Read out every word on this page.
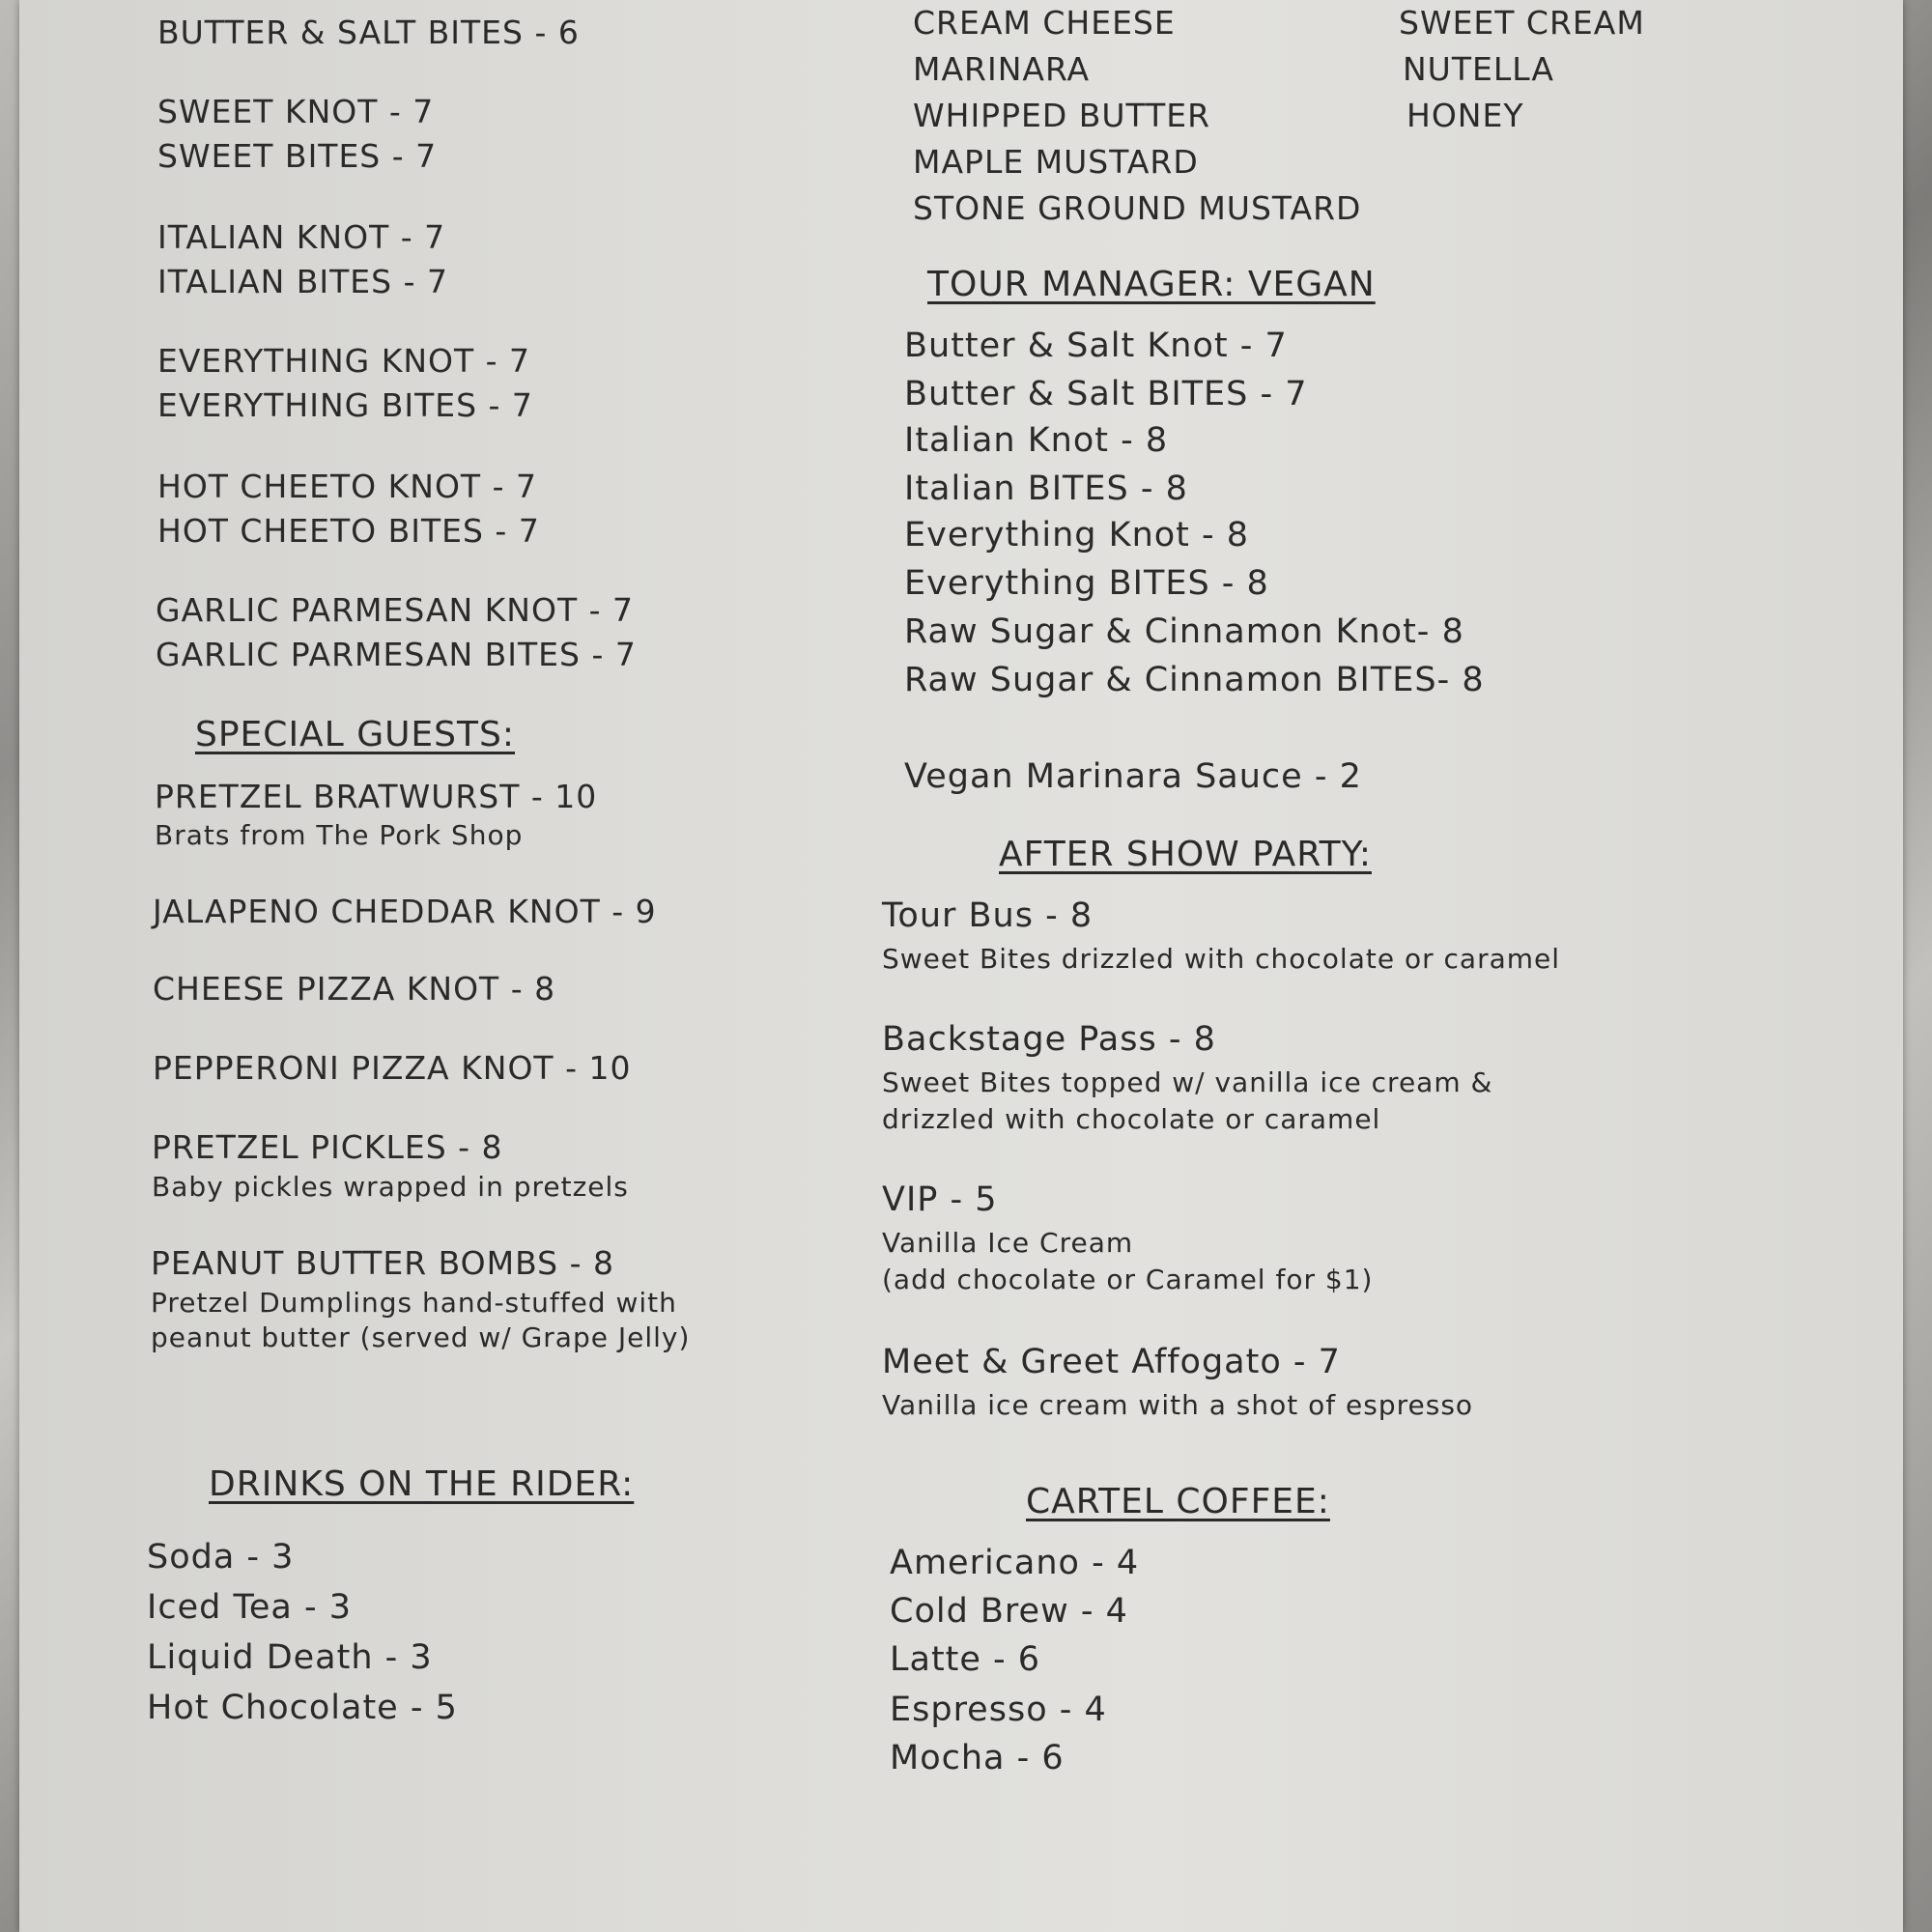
BUTTER & SALT BITES - 6
SWEET KNOT - 7
SWEET BITES - 7
ITALIAN KNOT - 7
ITALIAN BITES - 7
EVERYTHING KNOT - 7
EVERYTHING BITES - 7
HOT CHEETO KNOT - 7
HOT CHEETO BITES - 7
GARLIC PARMESAN KNOT - 7
GARLIC PARMESAN BITES - 7
SPECIAL GUESTS:
PRETZEL BRATWURST - 10
Brats from The Pork Shop
JALAPENO CHEDDAR KNOT - 9
CHEESE PIZZA KNOT - 8
PEPPERONI PIZZA KNOT - 10
PRETZEL PICKLES - 8
Baby pickles wrapped in pretzels
PEANUT BUTTER BOMBS - 8
Pretzel Dumplings hand-stuffed with
peanut butter (served w/ Grape Jelly)
DRINKS ON THE RIDER:
Soda - 3
Iced Tea - 3
Liquid Death - 3
Hot Chocolate - 5
CREAM CHEESE
MARINARA
WHIPPED BUTTER
MAPLE MUSTARD
STONE GROUND MUSTARD
SWEET CREAM
NUTELLA
HONEY
TOUR MANAGER: VEGAN
Butter & Salt Knot - 7
Butter & Salt BITES - 7
Italian Knot - 8
Italian BITES - 8
Everything Knot - 8
Everything BITES - 8
Raw Sugar & Cinnamon Knot- 8
Raw Sugar & Cinnamon BITES- 8
Vegan Marinara Sauce - 2
AFTER SHOW PARTY:
Tour Bus - 8
Sweet Bites drizzled with chocolate or caramel
Backstage Pass - 8
Sweet Bites topped w/ vanilla ice cream &
drizzled with chocolate or caramel
VIP - 5
Vanilla Ice Cream
(add chocolate or Caramel for $1)
Meet & Greet Affogato - 7
Vanilla ice cream with a shot of espresso
CARTEL COFFEE:
Americano - 4
Cold Brew - 4
Latte - 6
Espresso - 4
Mocha - 6
